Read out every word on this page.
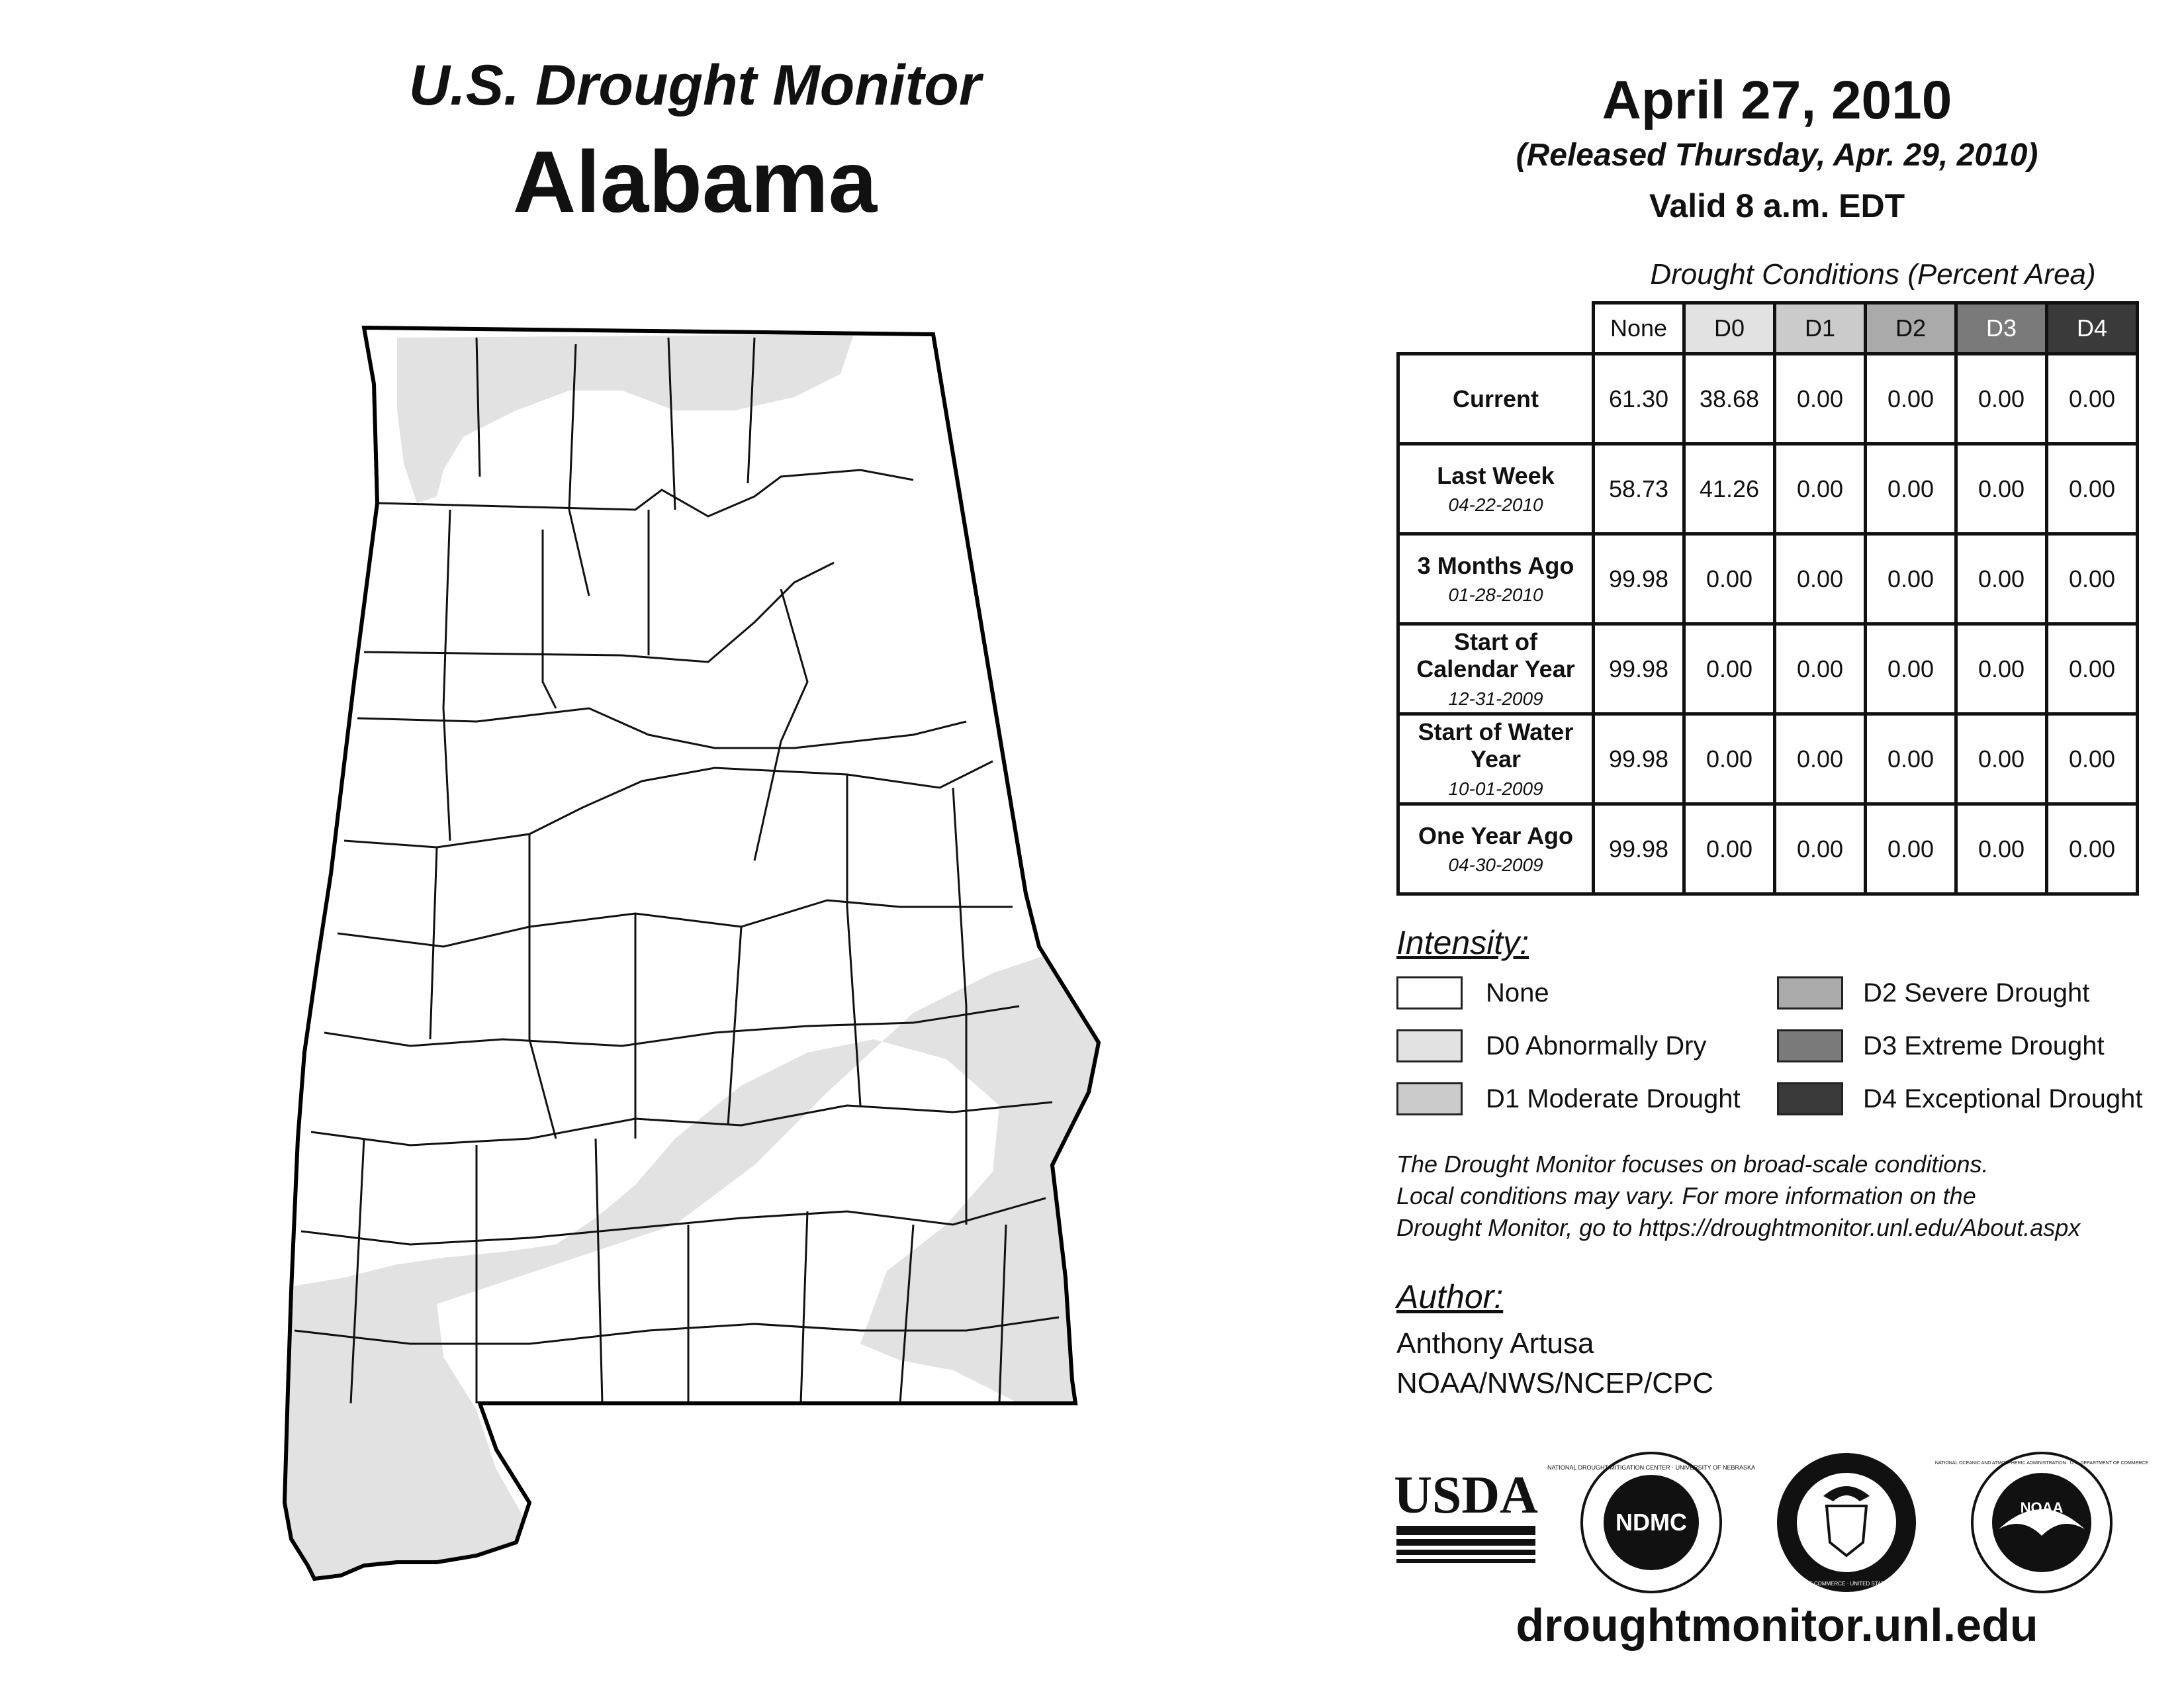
U.S. Drought Monitor
Alabama
April 27, 2010
(Released Thursday, Apr. 29, 2010)
Valid 8 a.m. EDT
Drought Conditions (Percent Area)
	None	D0	D1	D2	D3	D4
Current	61.30	38.68	0.00	0.00	0.00	0.00
Last Week
04-22-2010	58.73	41.26	0.00	0.00	0.00	0.00
3 Months Ago
01-28-2010	99.98	0.00	0.00	0.00	0.00	0.00
Start of Calendar Year
12-31-2009	99.98	0.00	0.00	0.00	0.00	0.00
Start of Water Year
10-01-2009	99.98	0.00	0.00	0.00	0.00	0.00
One Year Ago
04-30-2009	99.98	0.00	0.00	0.00	0.00	0.00
Intensity:
None
D0 Abnormally Dry
D1 Moderate Drought
D2 Severe Drought
D3 Extreme Drought
D4 Exceptional Drought
The Drought Monitor focuses on broad-scale conditions.
Local conditions may vary. For more information on the
Drought Monitor, go to https://droughtmonitor.unl.edu/About.aspx
Author:
Anthony Artusa
NOAA/NWS/NCEP/CPC
USDA	NDMC
NATIONAL DROUGHT MITIGATION CENTER · UNIVERSITY OF NEBRASKA
DEPARTMENT OF COMMERCE · UNITED STATES OF AMERICA
NOAA
NATIONAL OCEANIC AND ATMOSPHERIC ADMINISTRATION · U.S. DEPARTMENT OF COMMERCE
droughtmonitor.unl.edu
